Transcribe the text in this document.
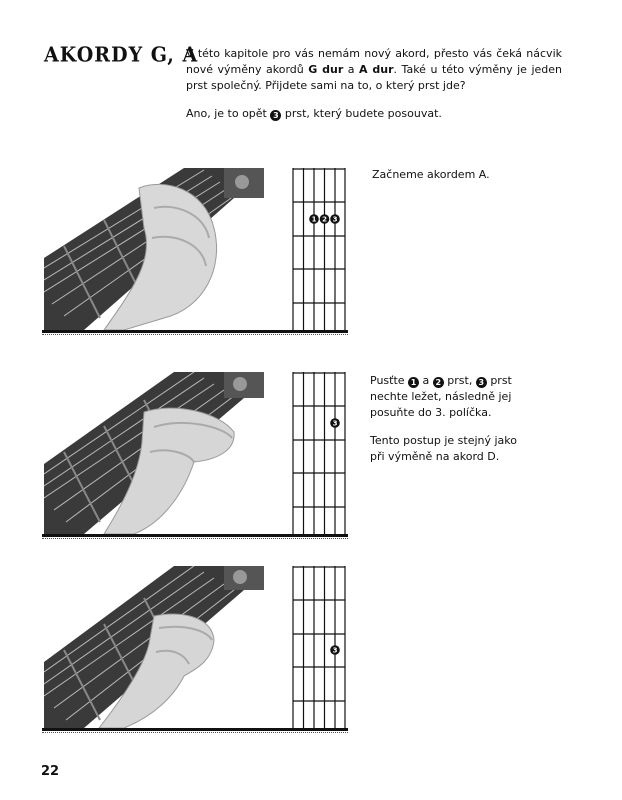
AKORDY G, A

V této kapitole pro vás nemám nový akord, přesto vás čeká nácvik nové výměny akordů G dur a A dur. Také u této výměny je jeden prst společný. Přijdete sami na to, o který prst jde?

Ano, je to opět 3 prst, který budete posouvat.

1 2 3

Začneme akordem A.

3

Pusťte 1 a 2 prst, 3 prst nechte ležet, následně jej posuňte do 3. políčka.

Tento postup je stejný jako při výměně na akord D.

3
22
